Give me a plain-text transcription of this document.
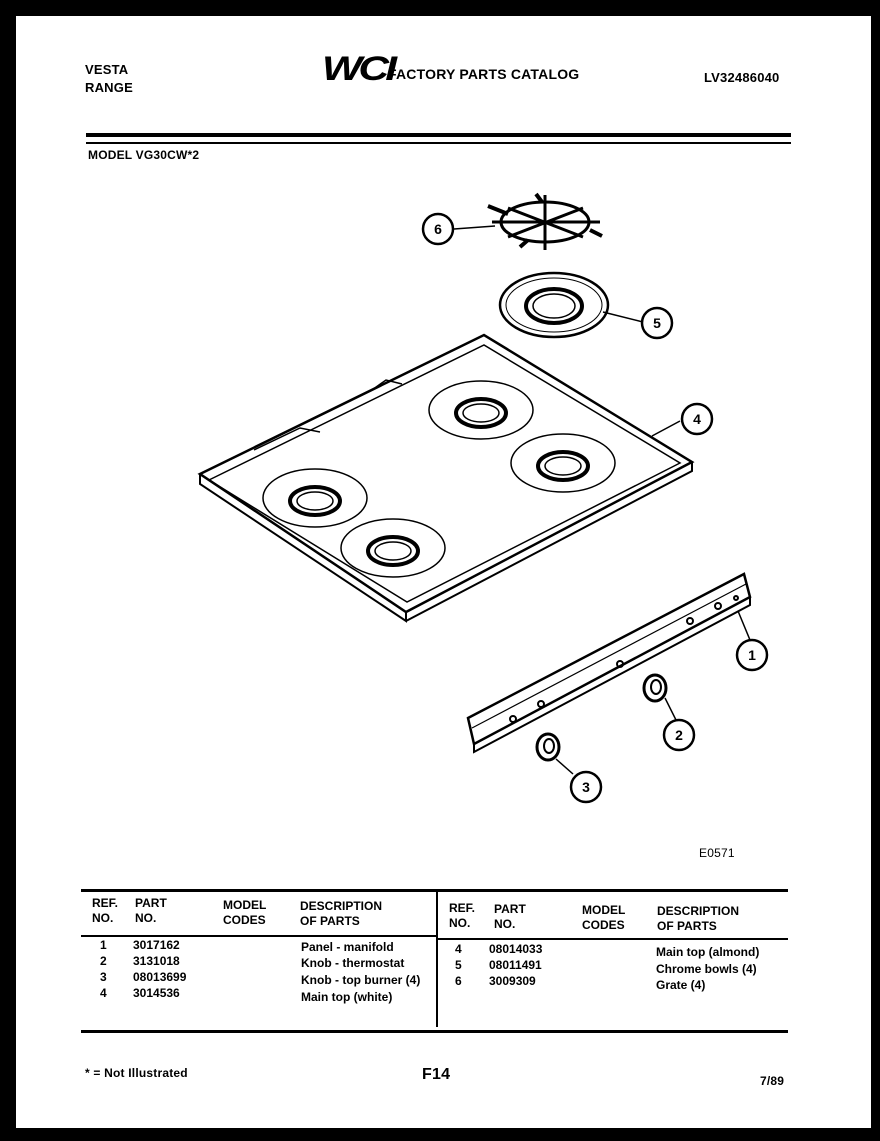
VESTA
RANGE	WCI
FACTORY PARTS CATALOG	LV32486040
MODEL VG30CW*2
6
5
4
1
2
3
E0571
REF.
NO.
PART
NO.
MODEL
CODES
DESCRIPTION
OF PARTS
REF.
NO.
PART
NO.
MODEL
CODES
DESCRIPTION
OF PARTS
1 3017162	Panel - manifold
2 3131018	Knob - thermostat
3 08013699	Knob - top burner (4)
4 3014536	Main top (white)
4 08014033	Main top (almond)
5 08011491	Chrome bowls (4)
6 3009309	Grate (4)
* = Not Illustrated	F14	7/89
